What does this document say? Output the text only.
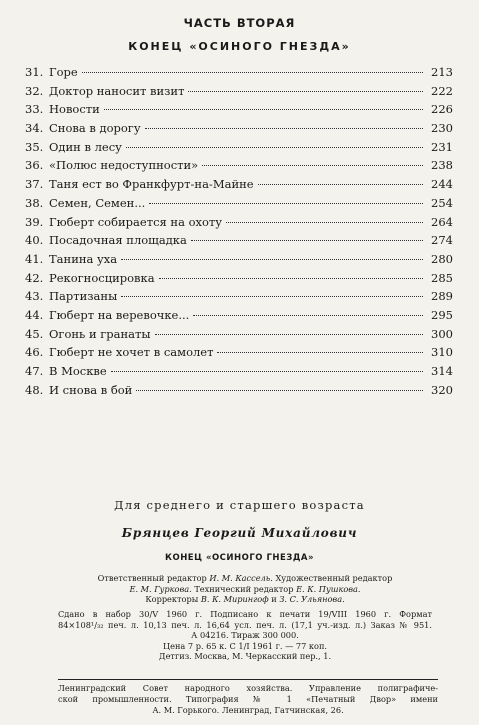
ЧАСТЬ ВТОРАЯ
КОНЕЦ «ОСИНОГО ГНЕЗДА»
31. Горе	213
32. Доктор наносит визит	222
33. Новости	226
34. Снова в дорогу	230
35. Один в лесу	231
36. «Полюс недоступности»	238
37. Таня ест во Франкфурт-на-Майне	244
38. Семен, Семен...	254
39. Гюберт собирается на охоту	264
40. Посадочная площадка	274
41. Танина уха	280
42. Рекогносцировка	285
43. Партизаны	289
44. Гюберт на веревочке...	295
45. Огонь и гранаты	300
46. Гюберт не хочет в самолет	310
47. В Москве	314
48. И снова в бой	320
Для среднего и старшего возраста
Брянцев Георгий Михайлович
КОНЕЦ «ОСИНОГО ГНЕЗДА»
Ответственный редактор И. М. Кассель. Художественный редактор
Е. М. Гуркова. Технический редактор Е. К. Пушкова.
Корректоры В. К. Мирингоф и З. С. Ульянова.
Сдано в набор 30/V 1960 г. Подписано к печати 19/VIII 1960 г. Формат
84×108¹/₃₂ печ. л. 10,13 печ. л. 16,64 усл. печ. л. (17,1 уч.-изд. л.) Заказ № 951.
А 04216. Тираж 300 000.
Цена 7 р. 65 к. С 1/I 1961 г. — 77 коп.
Детгиз. Москва, М. Черкасский пер., 1.
Ленинградский Совет народного хозяйства. Управление полиграфиче-
ской промышленности. Типография № 1 «Печатный Двор» имени
А. М. Горького. Ленинград, Гатчинская, 26.
